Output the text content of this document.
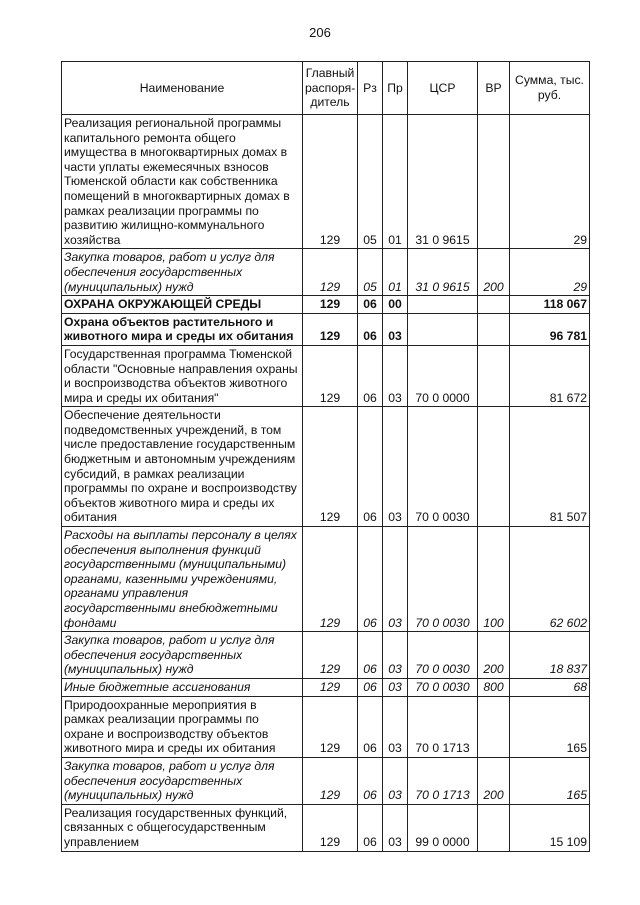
206
Наименование	Главный распоря-дитель	Рз	Пр	ЦСР	ВР	Сумма, тыс. руб.
Реализация региональной программы капитального ремонта общего имущества в многоквартирных домах в части уплаты ежемесячных взносов Тюменской области как собственника помещений в многоквартирных домах в рамках реализации программы по развитию жилищно-коммунального хозяйства	129	05	01	31 0 9615		29
Закупка товаров, работ и услуг для обеспечения государственных (муниципальных) нужд	129	05	01	31 0 9615	200	29
ОХРАНА ОКРУЖАЮЩЕЙ СРЕДЫ	129	06	00			118 067
Охрана объектов растительного и животного мира и среды их обитания	129	06	03			96 781
Государственная программа Тюменской области "Основные направления охраны и воспроизводства объектов животного мира и среды их обитания"	129	06	03	70 0 0000		81 672
Обеспечение деятельности подведомственных учреждений, в том числе предоставление государственным бюджетным и автономным учреждениям субсидий, в рамках реализации программы по охране и воспроизводству объектов животного мира и среды их обитания	129	06	03	70 0 0030		81 507
Расходы на выплаты персоналу в целях обеспечения выполнения функций государственными (муниципальными) органами, казенными учреждениями, органами управления государственными внебюджетными фондами	129	06	03	70 0 0030	100	62 602
Закупка товаров, работ и услуг для обеспечения государственных (муниципальных) нужд	129	06	03	70 0 0030	200	18 837
Иные бюджетные ассигнования	129	06	03	70 0 0030	800	68
Природоохранные мероприятия в рамках реализации программы по охране и воспроизводству объектов животного мира и среды их обитания	129	06	03	70 0 1713		165
Закупка товаров, работ и услуг для обеспечения государственных (муниципальных) нужд	129	06	03	70 0 1713	200	165
Реализация государственных функций, связанных с общегосударственным управлением	129	06	03	99 0 0000		15 109
